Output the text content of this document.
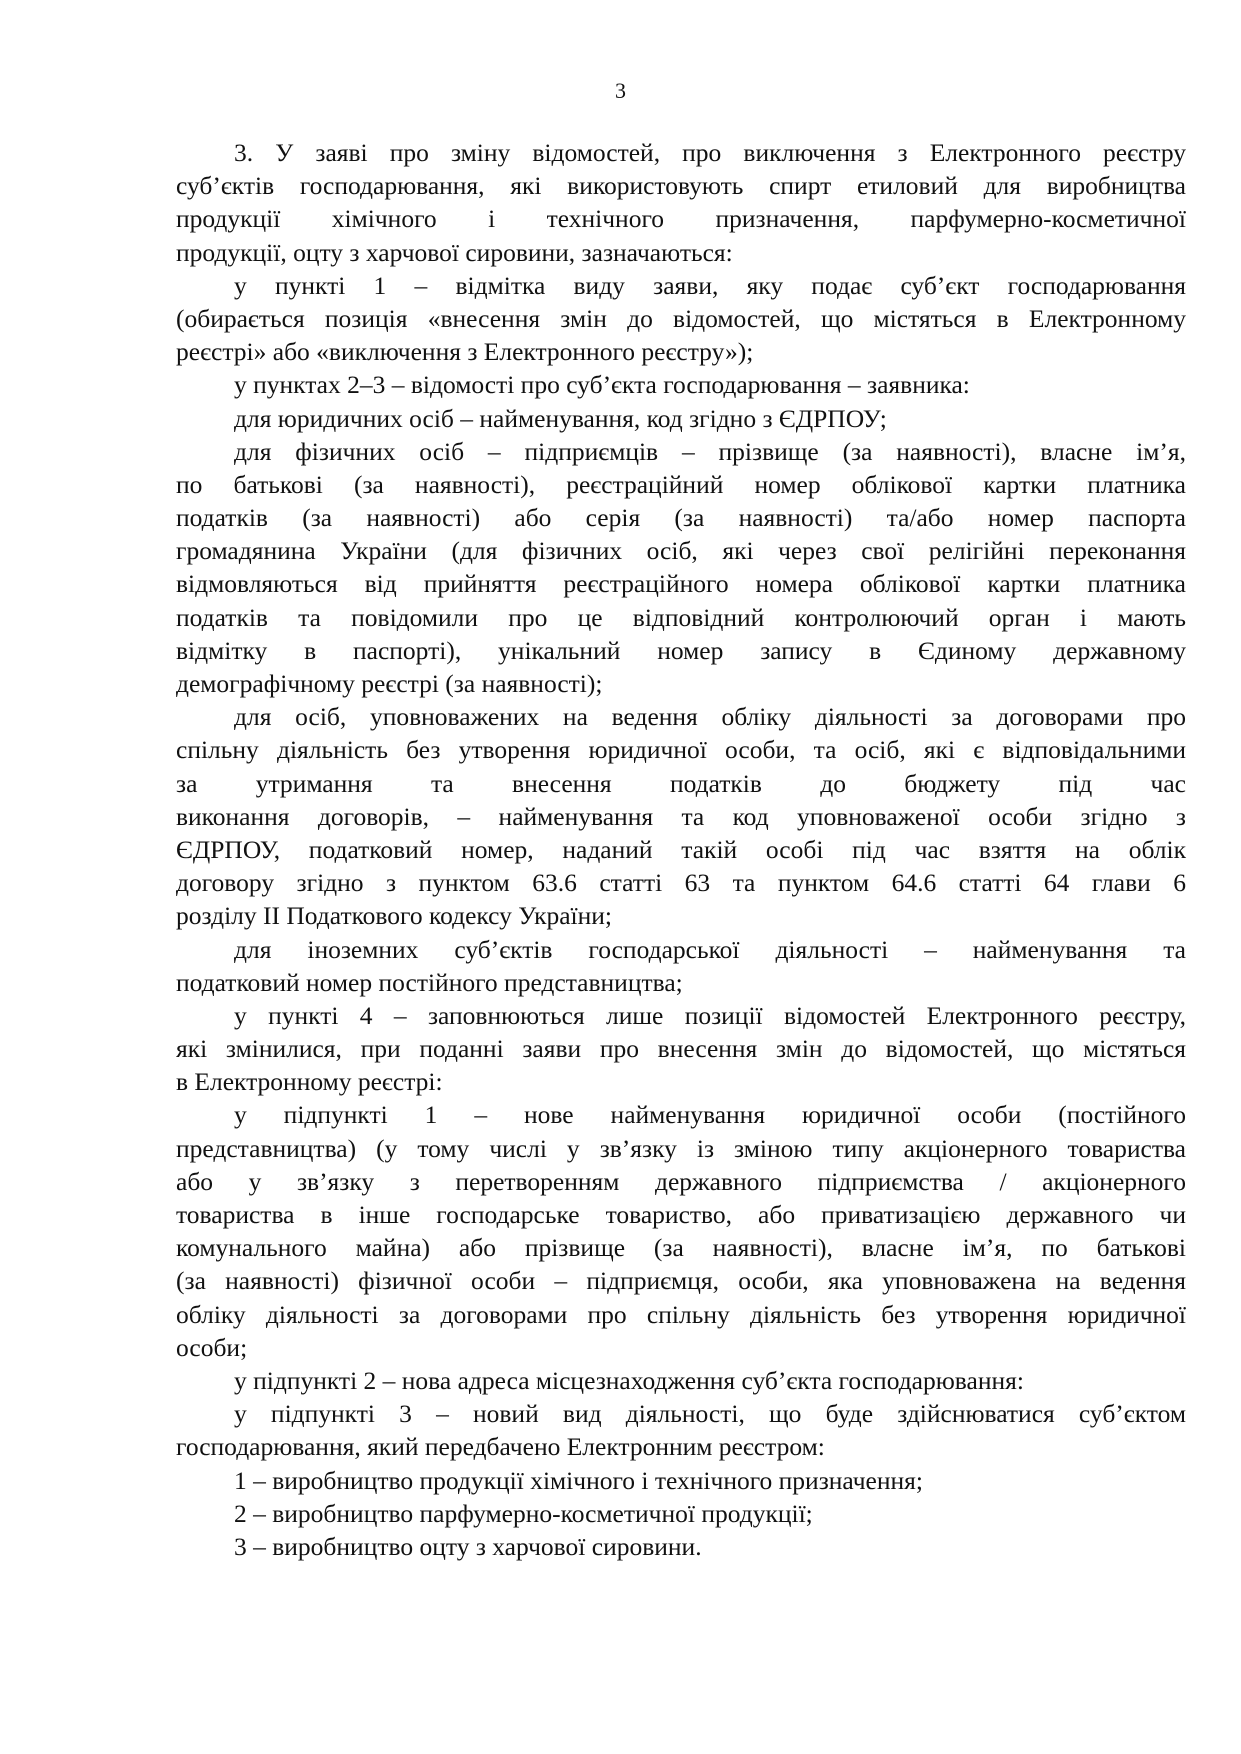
3
3. У заяві про зміну відомостей, про виключення з Електронного реєстру
суб’єктів господарювання, які використовують спирт етиловий для виробництва
продукції хімічного і технічного призначення, парфумерно-косметичної
продукції, оцту з харчової сировини, зазначаються:
у пункті 1 – відмітка виду заяви, яку подає суб’єкт господарювання
(обирається позиція «внесення змін до відомостей, що містяться в Електронному
реєстрі» або «виключення з Електронного реєстру»);
у пунктах 2–3 – відомості про суб’єкта господарювання – заявника:
для юридичних осіб – найменування, код згідно з ЄДРПОУ;
для фізичних осіб – підприємців – прізвище (за наявності), власне ім’я,
по батькові (за наявності), реєстраційний номер облікової картки платника
податків (за наявності) або серія (за наявності) та/або номер паспорта
громадянина України (для фізичних осіб, які через свої релігійні переконання
відмовляються від прийняття реєстраційного номера облікової картки платника
податків та повідомили про це відповідний контролюючий орган і мають
відмітку в паспорті), унікальний номер запису в Єдиному державному
демографічному реєстрі (за наявності);
для осіб, уповноважених на ведення обліку діяльності за договорами про
спільну діяльність без утворення юридичної особи, та осіб, які є відповідальними
за утримання та внесення податків до бюджету під час
виконання договорів, – найменування та код уповноваженої особи згідно з
ЄДРПОУ, податковий номер, наданий такій особі під час взяття на облік
договору згідно з пунктом 63.6 статті 63 та пунктом 64.6 статті 64 глави 6
розділу ІІ Податкового кодексу України;
для іноземних суб’єктів господарської діяльності – найменування та
податковий номер постійного представництва;
у пункті 4 – заповнюються лише позиції відомостей Електронного реєстру,
які змінилися, при поданні заяви про внесення змін до відомостей, що містяться
в Електронному реєстрі:
у підпункті 1 – нове найменування юридичної особи (постійного
представництва) (у тому числі у зв’язку із зміною типу акціонерного товариства
або у зв’язку з перетворенням державного підприємства / акціонерного
товариства в інше господарське товариство, або приватизацією державного чи
комунального майна) або прізвище (за наявності), власне ім’я, по батькові
(за наявності) фізичної особи – підприємця, особи, яка уповноважена на ведення
обліку діяльності за договорами про спільну діяльність без утворення юридичної
особи;
у підпункті 2 – нова адреса місцезнаходження суб’єкта господарювання:
у підпункті 3 – новий вид діяльності, що буде здійснюватися суб’єктом
господарювання, який передбачено Електронним реєстром:
1 – виробництво продукції хімічного і технічного призначення;
2 – виробництво парфумерно-косметичної продукції;
3 – виробництво оцту з харчової сировини.
